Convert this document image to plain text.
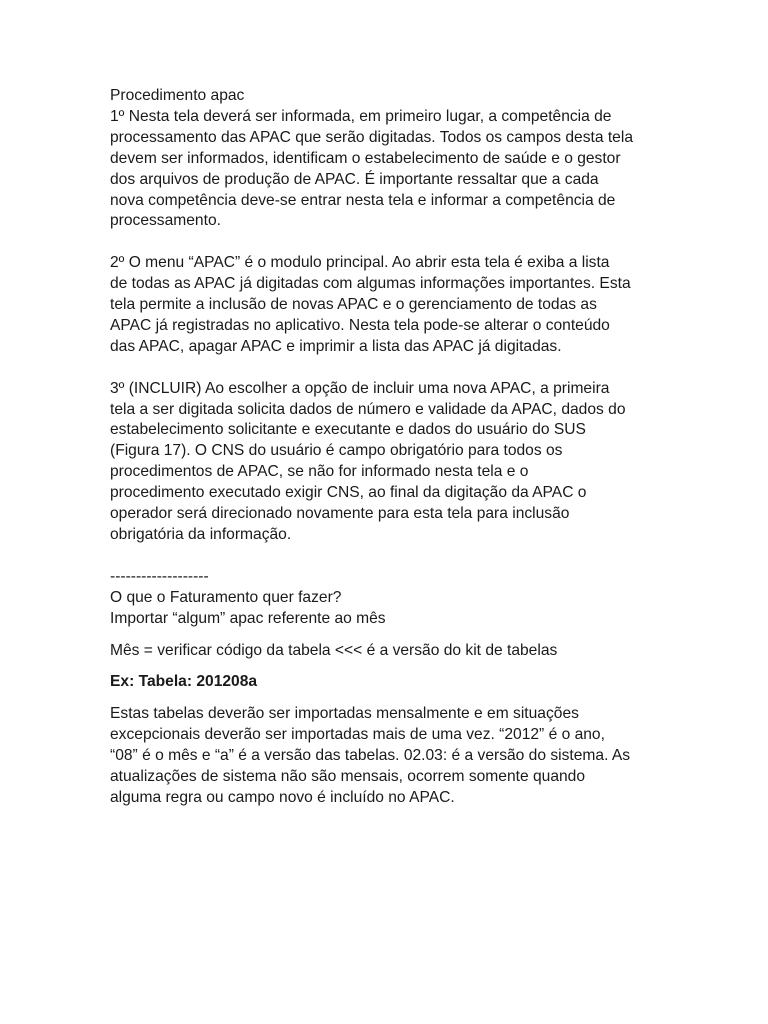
Procedimento apac

1º Nesta tela deverá ser informada, em primeiro lugar, a competência de
processamento das APAC que serão digitadas. Todos os campos desta tela
devem ser informados, identificam o estabelecimento de saúde e o gestor
dos arquivos de produção de APAC. É importante ressaltar que a cada
nova competência deve-se entrar nesta tela e informar a competência de
processamento.

2º O menu “APAC” é o modulo principal. Ao abrir esta tela é exiba a lista
de todas as APAC já digitadas com algumas informações importantes. Esta
tela permite a inclusão de novas APAC e o gerenciamento de todas as
APAC já registradas no aplicativo. Nesta tela pode-se alterar o conteúdo
das APAC, apagar APAC e imprimir a lista das APAC já digitadas.

3º (INCLUIR) Ao escolher a opção de incluir uma nova APAC, a primeira
tela a ser digitada solicita dados de número e validade da APAC, dados do
estabelecimento solicitante e executante e dados do usuário do SUS
(Figura 17). O CNS do usuário é campo obrigatório para todos os
procedimentos de APAC, se não for informado nesta tela e o
procedimento executado exigir CNS, ao final da digitação da APAC o
operador será direcionado novamente para esta tela para inclusão
obrigatória da informação.

-------------------

O que o Faturamento quer fazer?

Importar “algum” apac referente ao mês

Mês = verificar código da tabela <<< é a versão do kit de tabelas

Ex: Tabela: 201208a

Estas tabelas deverão ser importadas mensalmente e em situações
excepcionais deverão ser importadas mais de uma vez. “2012” é o ano,
“08” é o mês e “a” é a versão das tabelas. 02.03: é a versão do sistema. As
atualizações de sistema não são mensais, ocorrem somente quando
alguma regra ou campo novo é incluído no APAC.
